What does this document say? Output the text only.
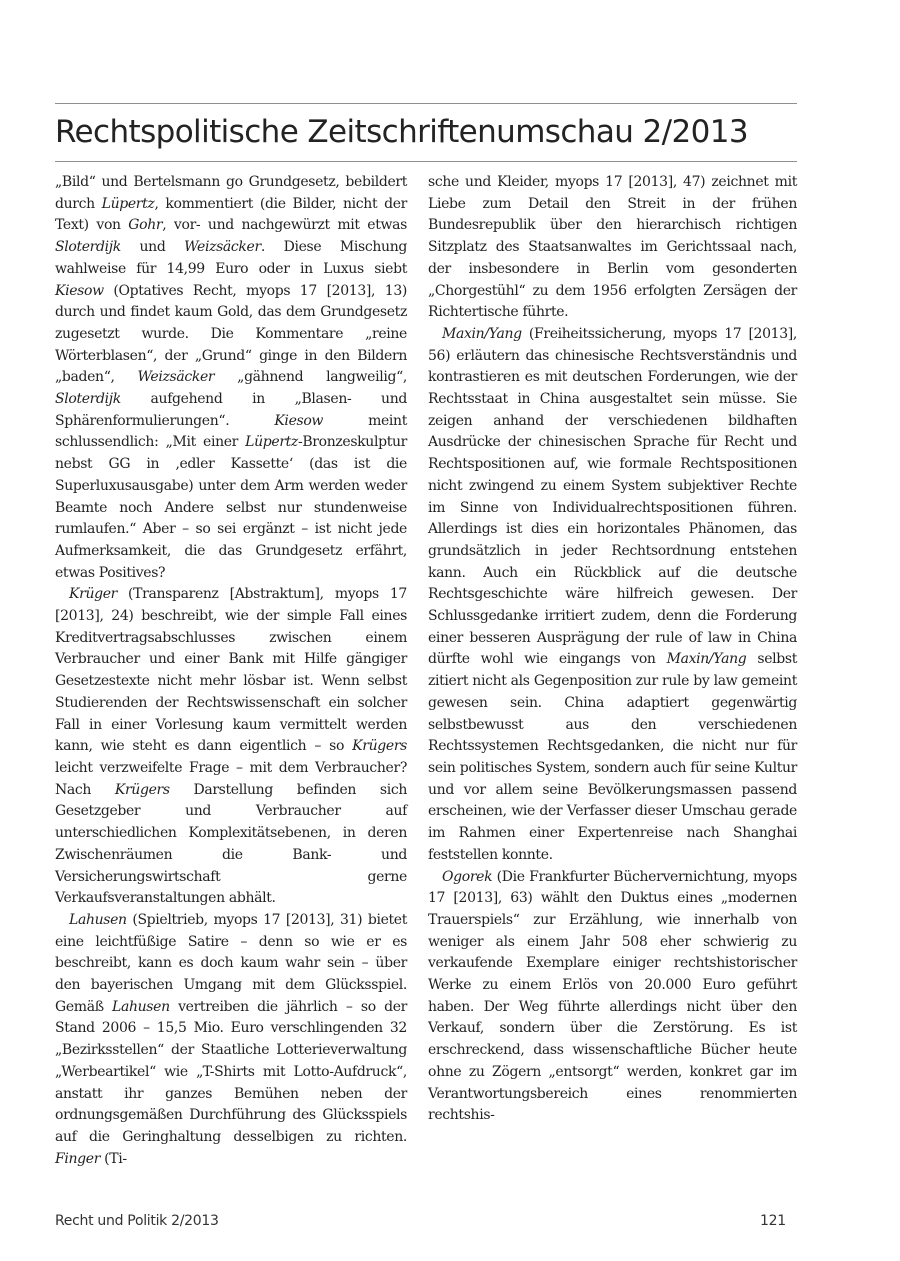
Rechtspolitische Zeitschriftenumschau 2/2013

„Bild“ und Bertelsmann go Grundgesetz, bebildert durch Lüpertz, kommentiert (die Bilder, nicht der Text) von Gohr, vor- und nachgewürzt mit etwas Sloterdijk und Weizsäcker. Diese Mischung wahlweise für 14,99 Euro oder in Luxus siebt Kiesow (Optatives Recht, myops 17 [2013], 13) durch und findet kaum Gold, das dem Grundgesetz zugesetzt wurde. Die Kommentare „reine Wörterblasen“, der „Grund“ ginge in den Bildern „baden“, Weizsäcker „gähnend langweilig“, Sloterdijk aufgehend in „Blasen- und Sphärenformulierungen“. Kiesow meint schlussendlich: „Mit einer Lüpertz-Bronzeskulptur nebst GG in ‚edler Kassette‘ (das ist die Superluxusausgabe) unter dem Arm werden weder Beamte noch Andere selbst nur stundenweise rumlaufen.“ Aber – so sei ergänzt – ist nicht jede Aufmerksamkeit, die das Grundgesetz erfährt, etwas Positives?

Krüger (Transparenz [Abstraktum], myops 17 [2013], 24) beschreibt, wie der simple Fall eines Kreditvertragsabschlusses zwischen einem Verbraucher und einer Bank mit Hilfe gängiger Gesetzestexte nicht mehr lösbar ist. Wenn selbst Studierenden der Rechtswissenschaft ein solcher Fall in einer Vorlesung kaum vermittelt werden kann, wie steht es dann eigentlich – so Krügers leicht verzweifelte Frage – mit dem Verbraucher? Nach Krügers Darstellung befinden sich Gesetzgeber und Verbraucher auf unterschiedlichen Komplexitätsebenen, in deren Zwischenräumen die Bank- und Versicherungswirtschaft gerne Verkaufsveranstaltungen abhält.

Lahusen (Spieltrieb, myops 17 [2013], 31) bietet eine leichtfüßige Satire – denn so wie er es beschreibt, kann es doch kaum wahr sein – über den bayerischen Umgang mit dem Glücksspiel. Gemäß Lahusen vertreiben die jährlich – so der Stand 2006 – 15,5 Mio. Euro verschlingenden 32 „Bezirksstellen“ der Staatliche Lotterieverwaltung „Werbeartikel“ wie „T-Shirts mit Lotto-Aufdruck“, anstatt ihr ganzes Bemühen neben der ordnungsgemäßen Durchführung des Glücksspiels auf die Geringhaltung desselbigen zu richten. Finger (Ti-

sche und Kleider, myops 17 [2013], 47) zeichnet mit Liebe zum Detail den Streit in der frühen Bundesrepublik über den hierarchisch richtigen Sitzplatz des Staatsanwaltes im Gerichtssaal nach, der insbesondere in Berlin vom gesonderten „Chorgestühl“ zu dem 1956 erfolgten Zersägen der Richtertische führte.

Maxin/Yang (Freiheitssicherung, myops 17 [2013], 56) erläutern das chinesische Rechtsverständnis und kontrastieren es mit deutschen Forderungen, wie der Rechtsstaat in China ausgestaltet sein müsse. Sie zeigen anhand der verschiedenen bildhaften Ausdrücke der chinesischen Sprache für Recht und Rechtspositionen auf, wie formale Rechtspositionen nicht zwingend zu einem System subjektiver Rechte im Sinne von Individualrechtspositionen führen. Allerdings ist dies ein horizontales Phänomen, das grundsätzlich in jeder Rechtsordnung entstehen kann. Auch ein Rückblick auf die deutsche Rechtsgeschichte wäre hilfreich gewesen. Der Schlussgedanke irritiert zudem, denn die Forderung einer besseren Ausprägung der rule of law in China dürfte wohl wie eingangs von Maxin/Yang selbst zitiert nicht als Gegenposition zur rule by law gemeint gewesen sein. China adaptiert gegenwärtig selbstbewusst aus den verschiedenen Rechtssystemen Rechtsgedanken, die nicht nur für sein politisches System, sondern auch für seine Kultur und vor allem seine Bevölkerungsmassen passend erscheinen, wie der Verfasser dieser Umschau gerade im Rahmen einer Expertenreise nach Shanghai feststellen konnte.

Ogorek (Die Frankfurter Büchervernichtung, myops 17 [2013], 63) wählt den Duktus eines „modernen Trauerspiels“ zur Erzählung, wie innerhalb von weniger als einem Jahr 508 eher schwierig zu verkaufende Exemplare einiger rechtshistorischer Werke zu einem Erlös von 20.000 Euro geführt haben. Der Weg führte allerdings nicht über den Verkauf, sondern über die Zerstörung. Es ist erschreckend, dass wissenschaftliche Bücher heute ohne zu Zögern „entsorgt“ werden, konkret gar im Verantwortungsbereich eines renommierten rechtshis-

Recht und Politik 2/2013	121
